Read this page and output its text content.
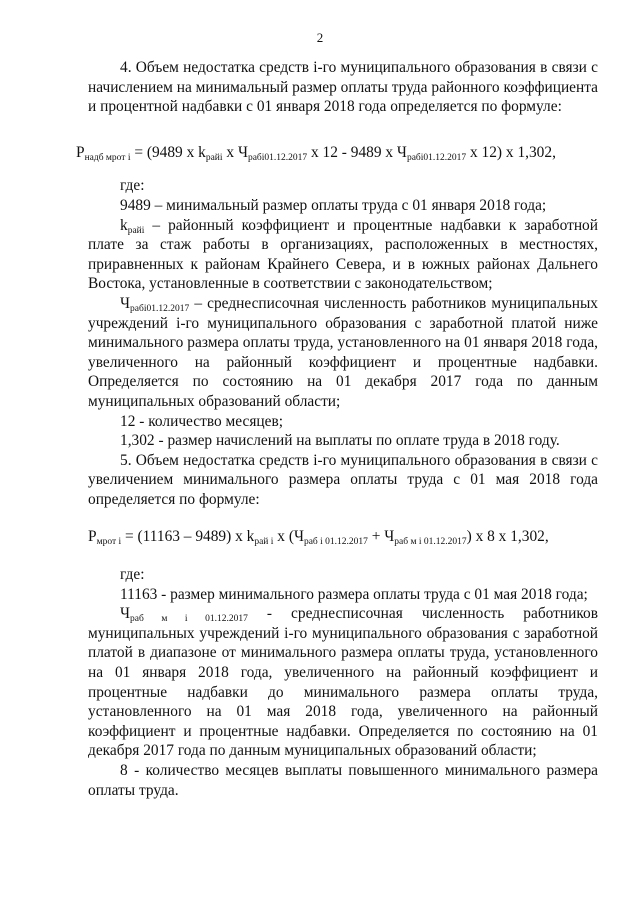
2

4. Объем недостатка средств i-го муниципального образования в связи с начислением на минимальный размер оплаты труда районного коэффициента и процентной надбавки с 01 января 2018 года определяется по формуле:

$P_{надб мрот i} = (9489$ x $k_{райi}$ x $Ч_{рабi01.12.2017}$ x 12 - 9489 x $Ч_{рабi01.12.2017}$ x 12) x 1,302,

где:

9489 – минимальный размер оплаты труда с 01 января 2018 года;

$k_{райi}$ – районный коэффициент и процентные надбавки к заработной плате за стаж работы в организациях, расположенных в местностях, приравненных к районам Крайнего Севера, и в южных районах Дальнего Востока, установленные в соответствии с законодательством;

$Ч_{рабi01.12.2017}$ – среднесписочная численность работников муниципальных учреждений i-го муниципального образования с заработной платой ниже минимального размера оплаты труда, установленного на 01 января 2018 года, увеличенного на районный коэффициент и процентные надбавки. Определяется по состоянию на 01 декабря 2017 года по данным муниципальных образований области;

12 - количество месяцев;

1,302 - размер начислений на выплаты по оплате труда в 2018 году.

5. Объем недостатка средств i-го муниципального образования в связи с увеличением минимального размера оплаты труда с 01 мая 2018 года определяется по формуле:

$P_{мрот i} = (11163 - 9489)$ x $k_{рай i}$ x $(Ч_{раб i 01.12.2017} + Ч_{раб м i 01.12.2017})$ x 8 x 1,302,

где:

11163 - размер минимального размера оплаты труда с 01 мая 2018 года;

$Ч_{раб м i 01.12.2017}$ - среднесписочная численность работников муниципальных учреждений i-го муниципального образования с заработной платой в диапазоне от минимального размера оплаты труда, установленного на 01 января 2018 года, увеличенного на районный коэффициент и процентные надбавки до минимального размера оплаты труда, установленного на 01 мая 2018 года, увеличенного на районный коэффициент и процентные надбавки. Определяется по состоянию на 01 декабря 2017 года по данным муниципальных образований области;

8 - количество месяцев выплаты повышенного минимального размера оплаты труда.
